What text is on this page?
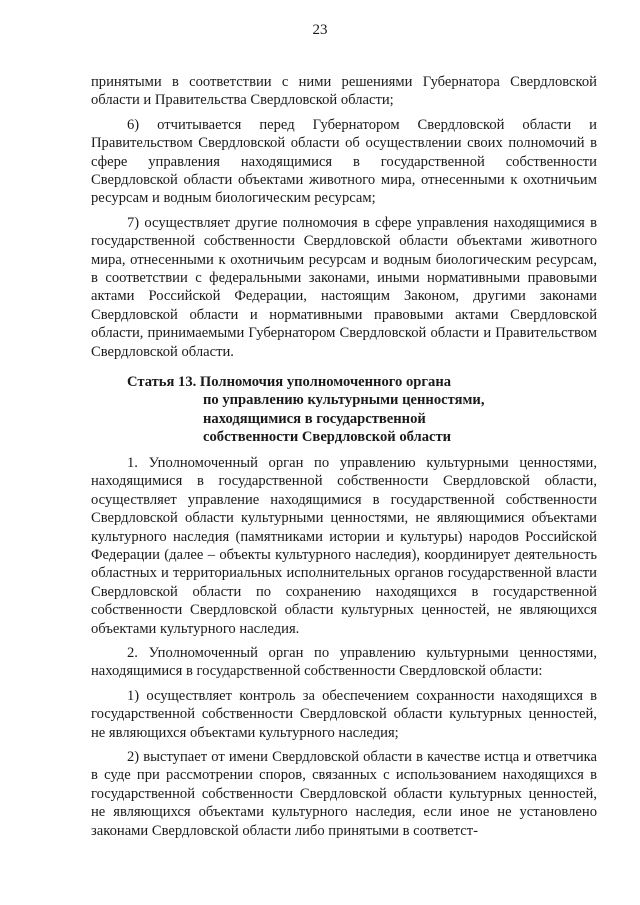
23

принятыми в соответствии с ними решениями Губернатора Свердловской области и Правительства Свердловской области;

6) отчитывается перед Губернатором Свердловской области и Правительством Свердловской области об осуществлении своих полномочий в сфере управления находящимися в государственной собственности Свердловской области объектами животного мира, отнесенными к охотничьим ресурсам и водным биологическим ресурсам;

7) осуществляет другие полномочия в сфере управления находящимися в государственной собственности Свердловской области объектами животного мира, отнесенными к охотничьим ресурсам и водным биологическим ресурсам, в соответствии с федеральными законами, иными нормативными правовыми актами Российской Федерации, настоящим Законом, другими законами Свердловской области и нормативными правовыми актами Свердловской области, принимаемыми Губернатором Свердловской области и Правительством Свердловской области.

Статья 13. Полномочия уполномоченного органа
по управлению культурными ценностями,
находящимися в государственной
собственности Свердловской области

1. Уполномоченный орган по управлению культурными ценностями, находящимися в государственной собственности Свердловской области, осуществляет управление находящимися в государственной собственности Свердловской области культурными ценностями, не являющимися объектами культурного наследия (памятниками истории и культуры) народов Российской Федерации (далее – объекты культурного наследия), координирует деятельность областных и территориальных исполнительных органов государственной власти Свердловской области по сохранению находящихся в государственной собственности Свердловской области культурных ценностей, не являющихся объектами культурного наследия.

2. Уполномоченный орган по управлению культурными ценностями, находящимися в государственной собственности Свердловской области:

1) осуществляет контроль за обеспечением сохранности находящихся в государственной собственности Свердловской области культурных ценностей, не являющихся объектами культурного наследия;

2) выступает от имени Свердловской области в качестве истца и ответчика в суде при рассмотрении споров, связанных с использованием находящихся в государственной собственности Свердловской области культурных ценностей, не являющихся объектами культурного наследия, если иное не установлено законами Свердловской области либо принятыми в соответст-
